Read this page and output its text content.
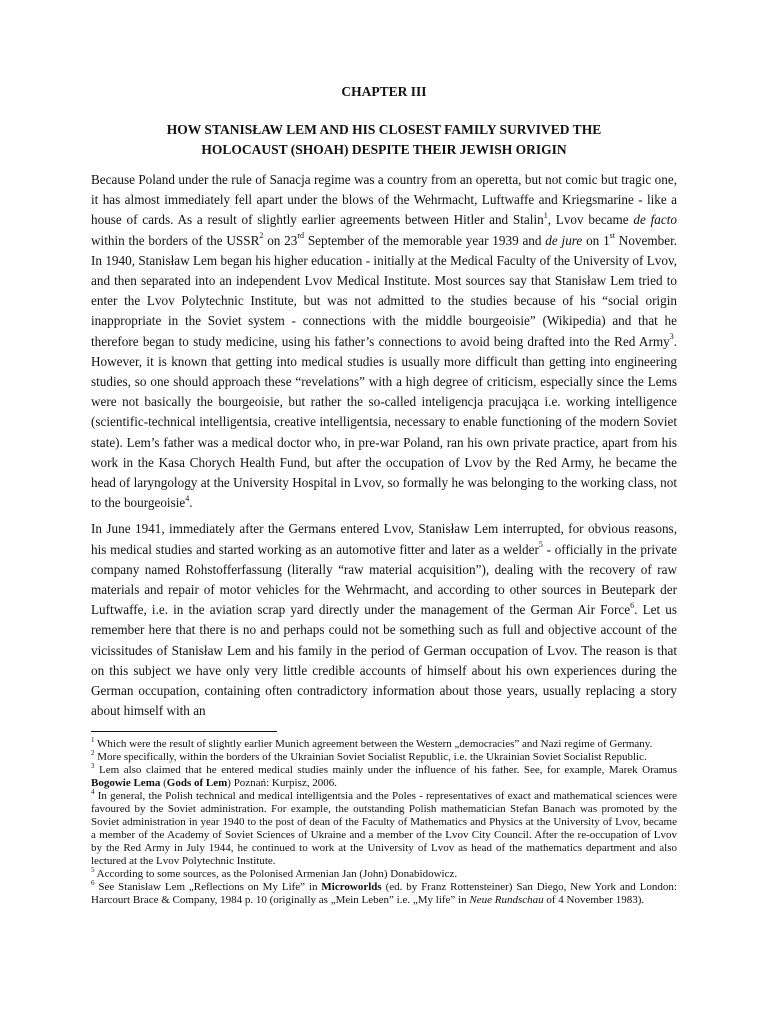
CHAPTER III

HOW STANISŁAW LEM AND HIS CLOSEST FAMILY SURVIVED THE
HOLOCAUST (SHOAH) DESPITE THEIR JEWISH ORIGIN

Because Poland under the rule of Sanacja regime was a country from an operetta, but not comic but tragic one, it has almost immediately fell apart under the blows of the Wehrmacht, Luftwaffe and Kriegsmarine - like a house of cards. As a result of slightly earlier agreements between Hitler and Stalin$^1$, Lvov became de facto within the borders of the USSR$^2$ on 23rd September of the memorable year 1939 and de jure on 1st November. In 1940, Stanisław Lem began his higher education - initially at the Medical Faculty of the University of Lvov, and then separated into an independent Lvov Medical Institute. Most sources say that Stanisław Lem tried to enter the Lvov Polytechnic Institute, but was not admitted to the studies because of his “social origin inappropriate in the Soviet system - connections with the middle bourgeoisie” (Wikipedia) and that he therefore began to study medicine, using his father’s connections to avoid being drafted into the Red Army$^3$. However, it is known that getting into medical studies is usually more difficult than getting into engineering studies, so one should approach these “revelations” with a high degree of criticism, especially since the Lems were not basically the bourgeoisie, but rather the so-called inteligencja pracująca i.e. working intelligence (scientific-technical intelligentsia, creative intelligentsia, necessary to enable functioning of the modern Soviet state). Lem’s father was a medical doctor who, in pre-war Poland, ran his own private practice, apart from his work in the Kasa Chorych Health Fund, but after the occupation of Lvov by the Red Army, he became the head of laryngology at the University Hospital in Lvov, so formally he was belonging to the working class, not to the bourgeoisie$^4$.

In June 1941, immediately after the Germans entered Lvov, Stanisław Lem interrupted, for obvious reasons, his medical studies and started working as an automotive fitter and later as a welder$^5$ - officially in the private company named Rohstofferfassung (literally “raw material acquisition”), dealing with the recovery of raw materials and repair of motor vehicles for the Wehrmacht, and according to other sources in Beutepark der Luftwaffe, i.e. in the aviation scrap yard directly under the management of the German Air Force$^6$. Let us remember here that there is no and perhaps could not be something such as full and objective account of the vicissitudes of Stanisław Lem and his family in the period of German occupation of Lvov. The reason is that on this subject we have only very little credible accounts of himself about his own experiences during the German occupation, containing often contradictory information about those years, usually replacing a story about himself with an

$^1$ Which were the result of slightly earlier Munich agreement between the Western „democracies” and Nazi regime of Germany.

$^2$ More specifically, within the borders of the Ukrainian Soviet Socialist Republic, i.e. the Ukrainian Soviet Socialist Republic.

$^3$ Lem also claimed that he entered medical studies mainly under the influence of his father. See, for example, Marek Oramus Bogowie Lema (Gods of Lem) Poznań: Kurpisz, 2006.

$^4$ In general, the Polish technical and medical intelligentsia and the Poles - representatives of exact and mathematical sciences were favoured by the Soviet administration. For example, the outstanding Polish mathematician Stefan Banach was promoted by the Soviet administration in year 1940 to the post of dean of the Faculty of Mathematics and Physics at the University of Lvov, became a member of the Academy of Soviet Sciences of Ukraine and a member of the Lvov City Council. After the re-occupation of Lvov by the Red Army in July 1944, he continued to work at the University of Lvov as head of the mathematics department and also lectured at the Lvov Polytechnic Institute.

$^5$ According to some sources, as the Polonised Armenian Jan (John) Donabidowicz.

$^6$ See Stanisław Lem „Reflections on My Life” in Microworlds (ed. by Franz Rottensteiner) San Diego, New York and London: Harcourt Brace & Company, 1984 p. 10 (originally as „Mein Leben” i.e. „My life” in Neue Rundschau of 4 November 1983).
